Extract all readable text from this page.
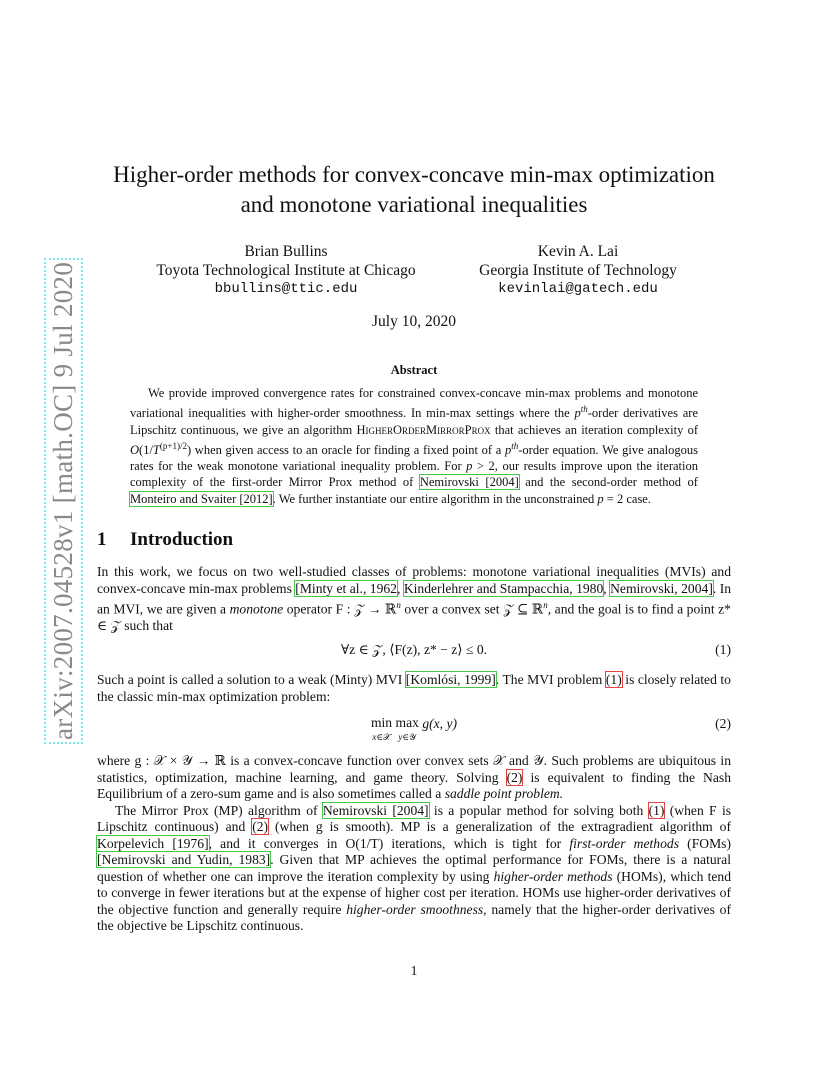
arXiv:2007.04528v1 [math.OC] 9 Jul 2020
Higher-order methods for convex-concave min-max optimization
and monotone variational inequalities
Brian Bullins
Toyota Technological Institute at Chicago
bbullins@ttic.edu
Kevin A. Lai
Georgia Institute of Technology
kevinlai@gatech.edu
July 10, 2020
Abstract

We provide improved convergence rates for constrained convex-concave min-max problems and monotone variational inequalities with higher-order smoothness. In min-max settings where the $p^{th}$-order derivatives are Lipschitz continuous, we give an algorithm HigherOrderMirrorProx that achieves an iteration complexity of $O(1/T^{(p+1)/2})$ when given access to an oracle for finding a fixed point of a $p^{th}$-order equation. We give analogous rates for the weak monotone variational inequality problem. For p > 2, our results improve upon the iteration complexity of the first-order Mirror Prox method of Nemirovski [2004] and the second-order method of Monteiro and Svaiter [2012]. We further instantiate our entire algorithm in the unconstrained p = 2 case.

1 Introduction

In this work, we focus on two well-studied classes of problems: monotone variational inequalities (MVIs) and convex-concave min-max problems [Minty et al., 1962, Kinderlehrer and Stampacchia, 1980, Nemirovski, 2004]. In an MVI, we are given a monotone operator F : 𝒵 → ℝ$^n$ over a convex set 𝒵 ⊆ ℝ$^n$, and the goal is to find a point z* ∈ 𝒵 such that

∀z ∈ 𝒵, ⟨F(z), z* − z⟩ ≤ 0.	(1)

Such a point is called a solution to a weak (Minty) MVI [Komlósi, 1999]. The MVI problem (1) is closely related to the classic min-max optimization problem:

min
x∈𝒳 max
y∈𝒴 g(x, y)	(2)

where g : 𝒳 × 𝒴 → ℝ is a convex-concave function over convex sets 𝒳 and 𝒴. Such problems are ubiquitous in statistics, optimization, machine learning, and game theory. Solving (2) is equivalent to finding the Nash Equilibrium of a zero-sum game and is also sometimes called a saddle point problem.

The Mirror Prox (MP) algorithm of Nemirovski [2004] is a popular method for solving both (1) (when F is Lipschitz continuous) and (2) (when g is smooth). MP is a generalization of the extragradient algorithm of Korpelevich [1976], and it converges in O(1/T) iterations, which is tight for first-order methods (FOMs) [Nemirovski and Yudin, 1983]. Given that MP achieves the optimal performance for FOMs, there is a natural question of whether one can improve the iteration complexity by using higher-order methods (HOMs), which tend to converge in fewer iterations but at the expense of higher cost per iteration. HOMs use higher-order derivatives of the objective function and generally require higher-order smoothness, namely that the higher-order derivatives of the objective be Lipschitz continuous.

1
